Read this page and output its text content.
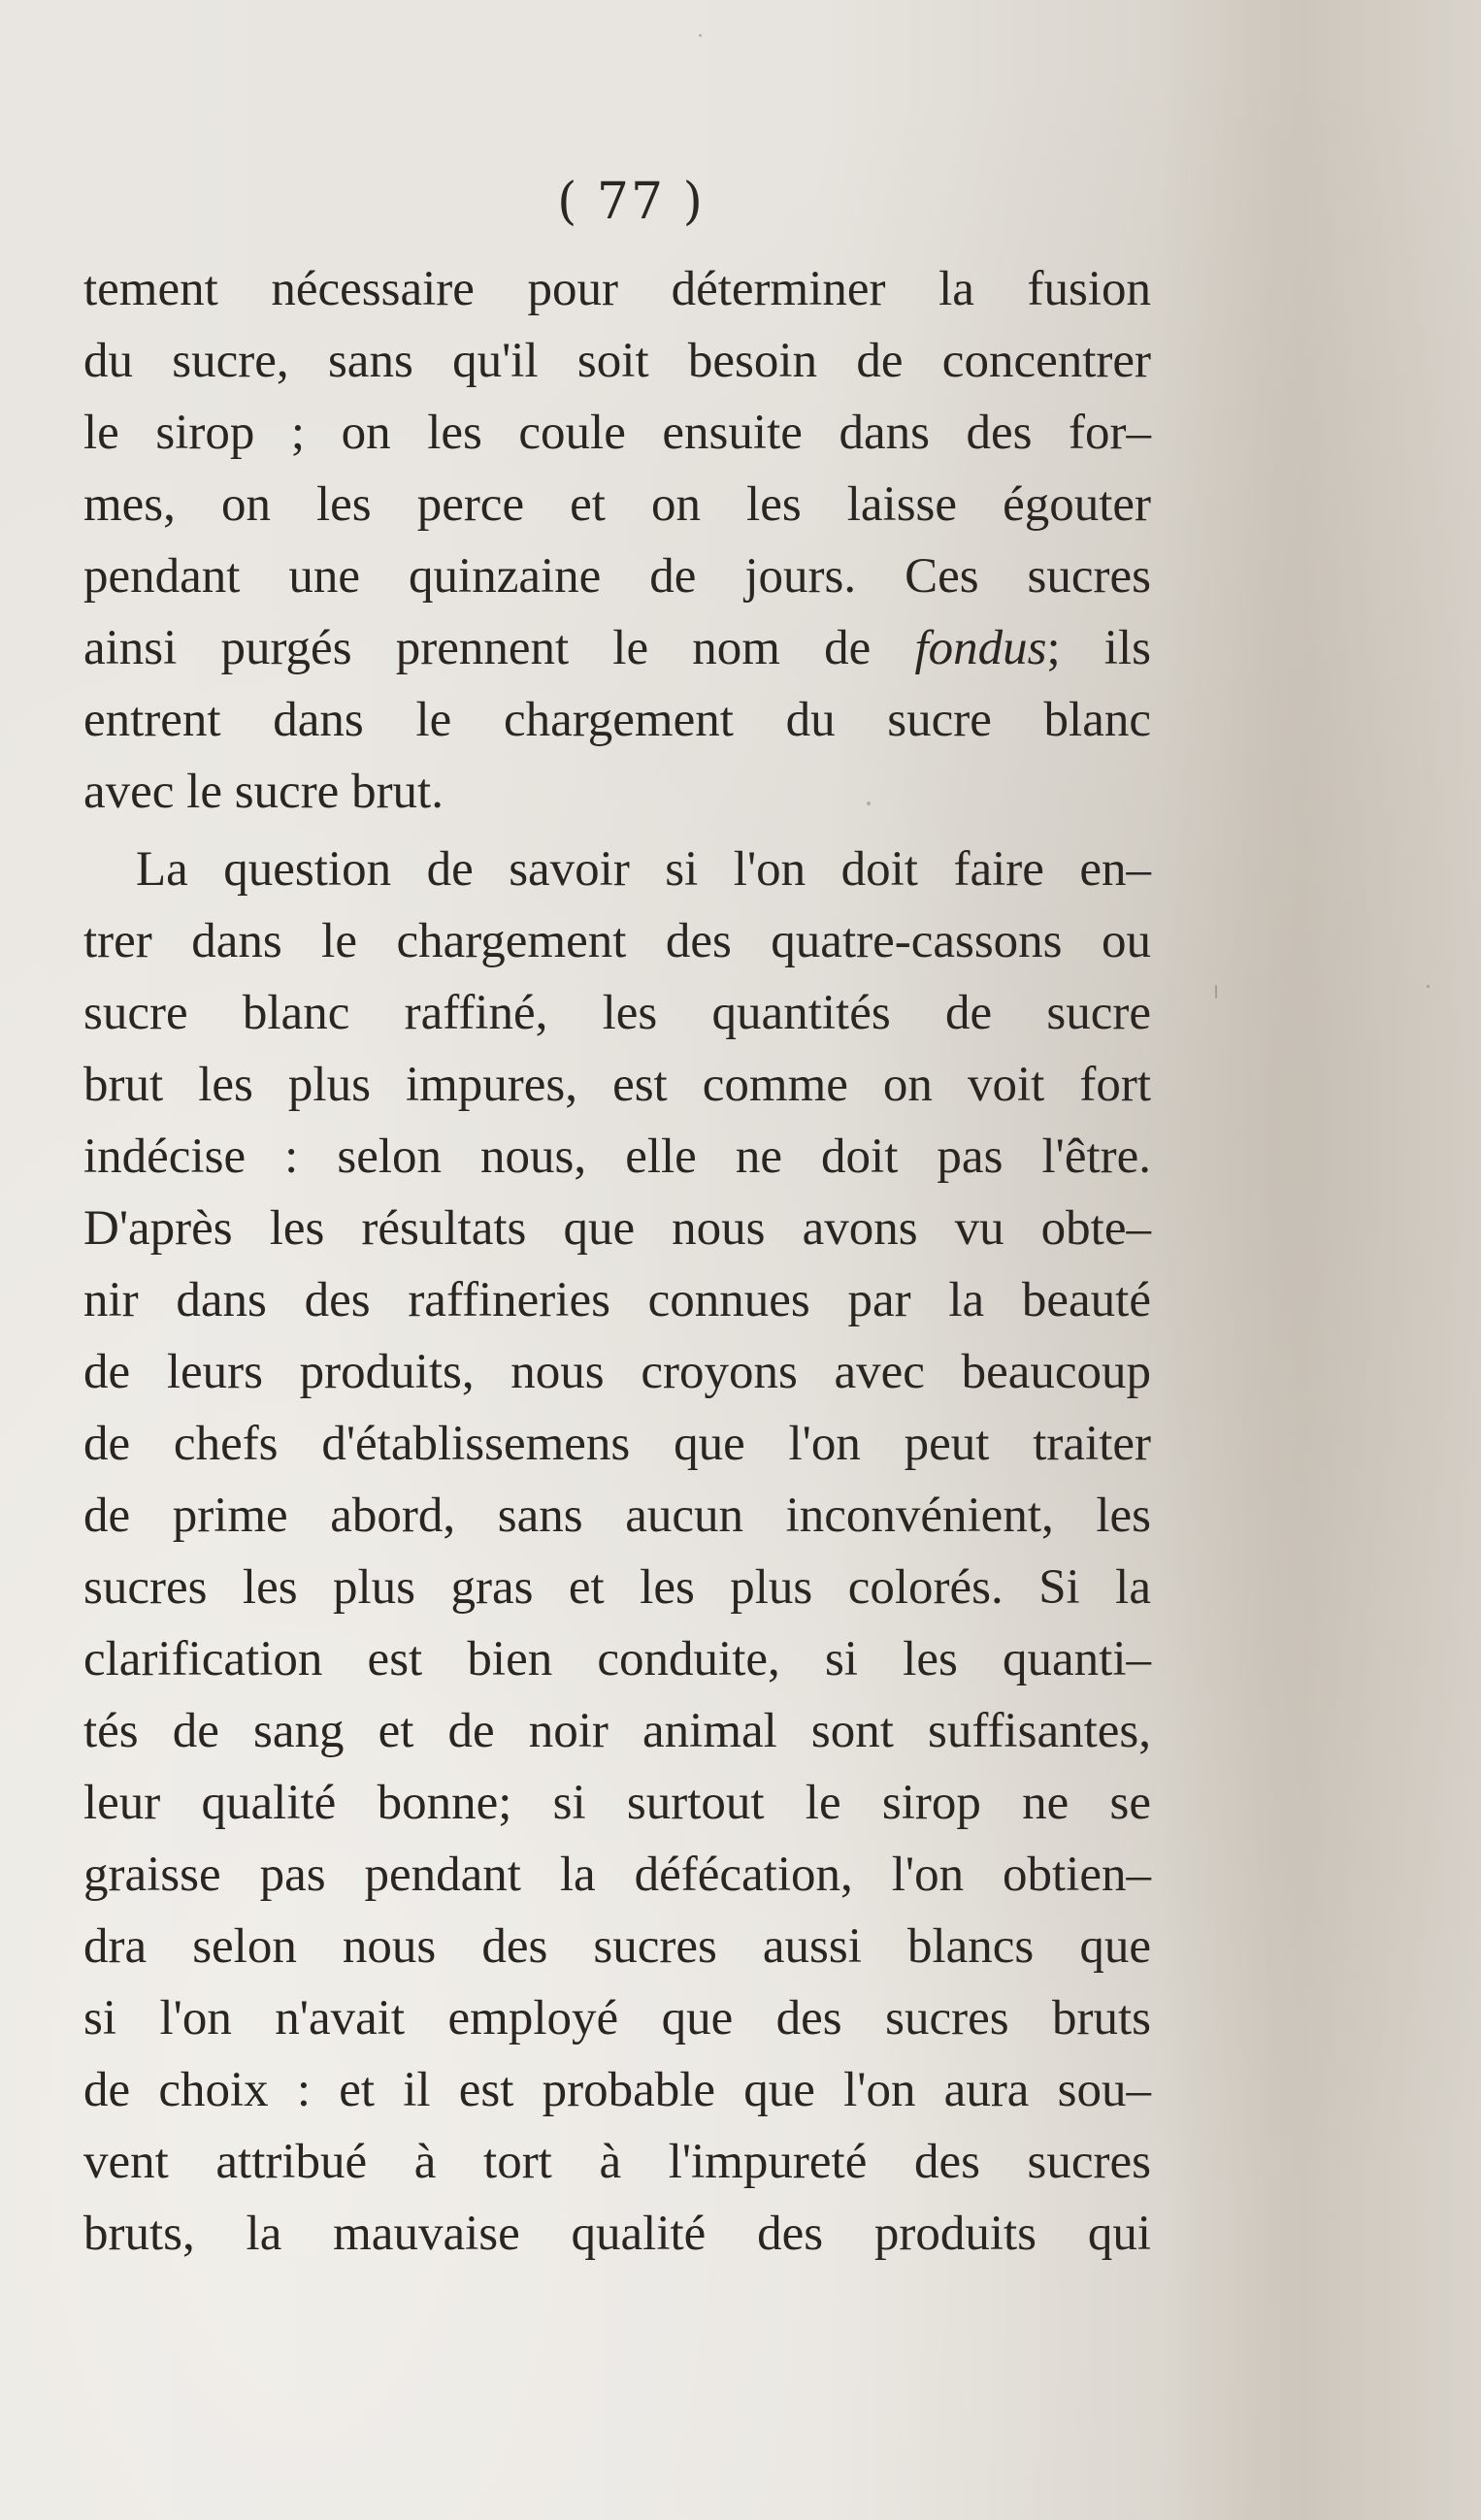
( 77 )
tement nécessaire pour déterminer la fusion
du sucre, sans qu'il soit besoin de concentrer
le sirop ; on les coule ensuite dans des for–
mes, on les perce et on les laisse égouter
pendant une quinzaine de jours. Ces sucres
ainsi purgés prennent le nom de fondus; ils
entrent dans le chargement du sucre blanc
avec le sucre brut.
La question de savoir si l'on doit faire en–
trer dans le chargement des quatre-cassons ou
sucre blanc raffiné, les quantités de sucre
brut les plus impures, est comme on voit fort
indécise : selon nous, elle ne doit pas l'être.
D'après les résultats que nous avons vu obte–
nir dans des raffineries connues par la beauté
de leurs produits, nous croyons avec beaucoup
de chefs d'établissemens que l'on peut traiter
de prime abord, sans aucun inconvénient, les
sucres les plus gras et les plus colorés. Si la
clarification est bien conduite, si les quanti–
tés de sang et de noir animal sont suffisantes,
leur qualité bonne; si surtout le sirop ne se
graisse pas pendant la défécation, l'on obtien–
dra selon nous des sucres aussi blancs que
si l'on n'avait employé que des sucres bruts
de choix : et il est probable que l'on aura sou–
vent attribué à tort à l'impureté des sucres
bruts, la mauvaise qualité des produits qui
